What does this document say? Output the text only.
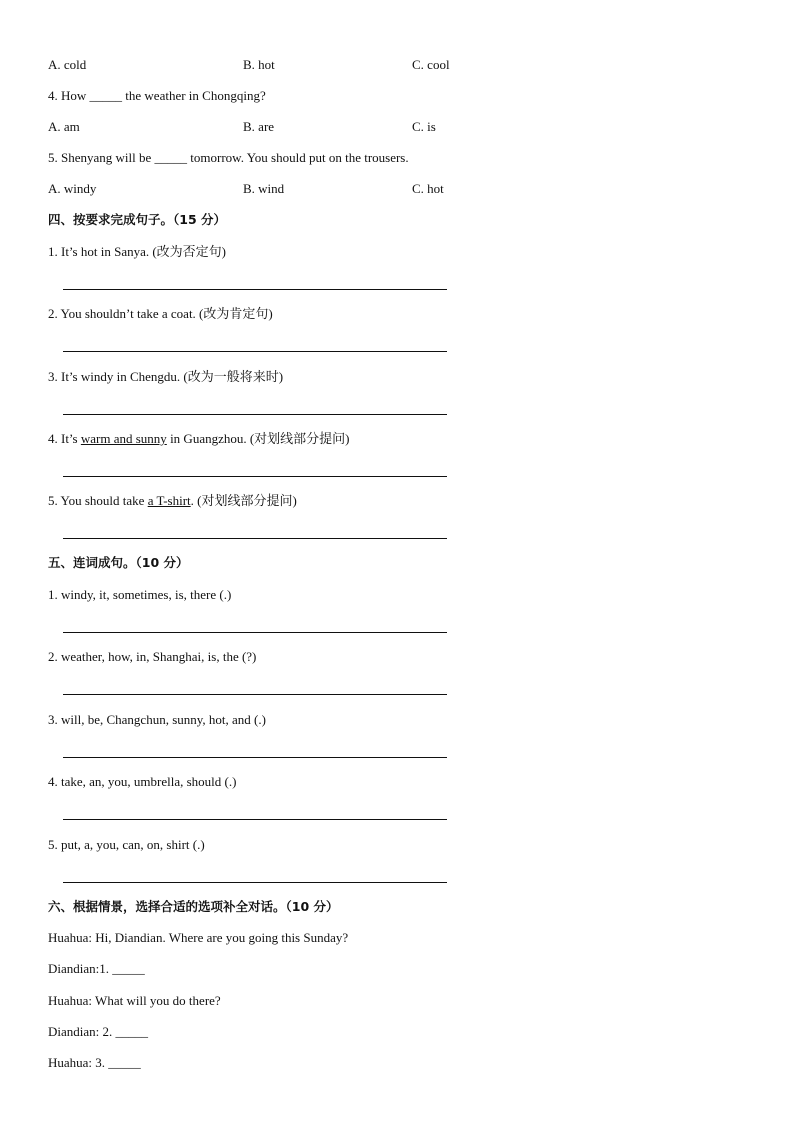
A. cold	B. hot	C. cool
4. How _____ the weather in Chongqing?
A. am	B. are	C. is
5. Shenyang will be _____ tomorrow. You should put on the trousers.
A. windy	B. wind	C. hot
四、按要求完成句子。（15 分）
1. It’s hot in Sanya. (改为否定句)
2. You shouldn’t take a coat. (改为肯定句)
3. It’s windy in Chengdu. (改为一般将来时)
4. It’s warm and sunny in Guangzhou. (对划线部分提问)
5. You should take a T-shirt. (对划线部分提问)
五、连词成句。（10 分）
1. windy, it, sometimes, is, there (.)
2. weather, how, in, Shanghai, is, the (?)
3. will, be, Changchun, sunny, hot, and (.)
4. take, an, you, umbrella, should (.)
5. put, a, you, can, on, shirt (.)
六、根据情景，选择合适的选项补全对话。（10 分）
Huahua: Hi, Diandian. Where are you going this Sunday?
Diandian:1. _____
Huahua: What will you do there?
Diandian: 2. _____
Huahua: 3. _____
